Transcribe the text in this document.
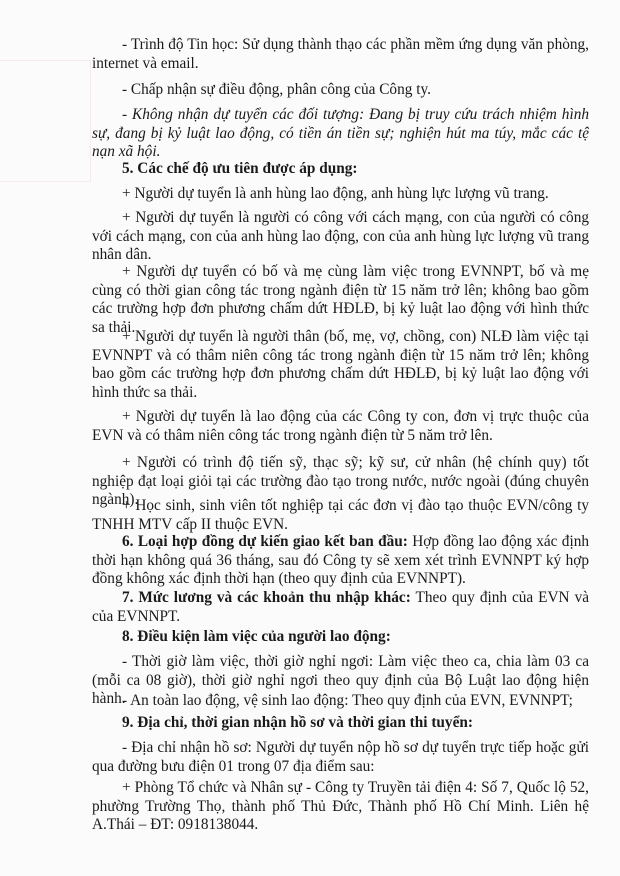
- Trình độ Tin học: Sử dụng thành thạo các phần mềm ứng dụng văn phòng, internet và email.
- Chấp nhận sự điều động, phân công của Công ty.
- Không nhận dự tuyển các đối tượng: Đang bị truy cứu trách nhiệm hình sự, đang bị kỷ luật lao động, có tiền án tiền sự; nghiện hút ma túy, mắc các tệ nạn xã hội.
5. Các chế độ ưu tiên được áp dụng:
+ Người dự tuyển là anh hùng lao động, anh hùng lực lượng vũ trang.
+ Người dự tuyển là người có công với cách mạng, con của người có công với cách mạng, con của anh hùng lao động, con của anh hùng lực lượng vũ trang nhân dân.
+ Người dự tuyển có bố và mẹ cùng làm việc trong EVNNPT, bố và mẹ cùng có thời gian công tác trong ngành điện từ 15 năm trở lên; không bao gồm các trường hợp đơn phương chấm dứt HĐLĐ, bị kỷ luật lao động với hình thức sa thải.
+ Người dự tuyển là người thân (bố, mẹ, vợ, chồng, con) NLĐ làm việc tại EVNNPT và có thâm niên công tác trong ngành điện từ 15 năm trở lên; không bao gồm các trường hợp đơn phương chấm dứt HĐLĐ, bị kỷ luật lao động với hình thức sa thải.
+ Người dự tuyển là lao động của các Công ty con, đơn vị trực thuộc của EVN và có thâm niên công tác trong ngành điện từ 5 năm trở lên.
+ Người có trình độ tiến sỹ, thạc sỹ; kỹ sư, cử nhân (hệ chính quy) tốt nghiệp đạt loại giỏi tại các trường đào tạo trong nước, nước ngoài (đúng chuyên ngành).
+ Học sinh, sinh viên tốt nghiệp tại các đơn vị đào tạo thuộc EVN/công ty TNHH MTV cấp II thuộc EVN.
6. Loại hợp đồng dự kiến giao kết ban đầu: Hợp đồng lao động xác định thời hạn không quá 36 tháng, sau đó Công ty sẽ xem xét trình EVNNPT ký hợp đồng không xác định thời hạn (theo quy định của EVNNPT).
7. Mức lương và các khoản thu nhập khác: Theo quy định của EVN và của EVNNPT.
8. Điều kiện làm việc của người lao động:
- Thời giờ làm việc, thời giờ nghỉ ngơi: Làm việc theo ca, chia làm 03 ca (mỗi ca 08 giờ), thời giờ nghỉ ngơi theo quy định của Bộ Luật lao động hiện hành.
- An toàn lao động, vệ sinh lao động: Theo quy định của EVN, EVNNPT;
9. Địa chỉ, thời gian nhận hồ sơ và thời gian thi tuyển:
- Địa chỉ nhận hồ sơ: Người dự tuyển nộp hồ sơ dự tuyển trực tiếp hoặc gửi qua đường bưu điện 01 trong 07 địa điểm sau:
+ Phòng Tổ chức và Nhân sự - Công ty Truyền tải điện 4: Số 7, Quốc lộ 52, phường Trường Thọ, thành phố Thủ Đức, Thành phố Hồ Chí Minh. Liên hệ A.Thái – ĐT: 0918138044.
